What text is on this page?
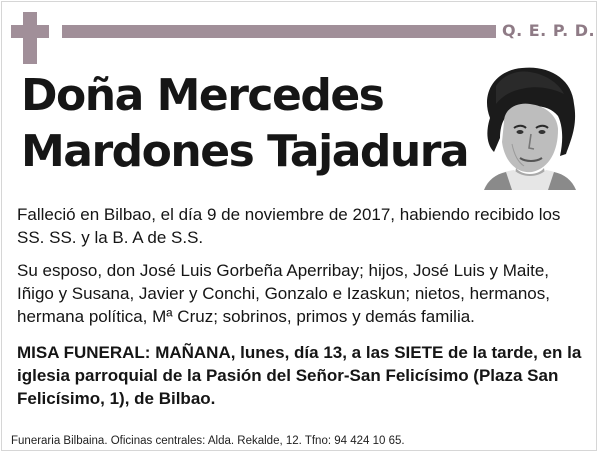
Q. E. P. D.
Doña Mercedes
Mardones Tajadura
Falleció en Bilbao, el día 9 de noviembre de 2017, habiendo recibido los SS. SS. y la B. A de S.S.
Su esposo, don José Luis Gorbeña Aperribay; hijos, José Luis y Maite, Iñigo y Susana, Javier y Conchi, Gonzalo e Izaskun; nietos, hermanos, hermana política, Mª Cruz; sobrinos, primos y demás familia.
MISA FUNERAL: MAÑANA, lunes, día 13, a las SIETE de la tarde, en la iglesia parroquial de la Pasión del Señor-San Felicísimo (Plaza San Felicísimo, 1), de Bilbao.
Funeraria Bilbaina. Oficinas centrales: Alda. Rekalde, 12. Tfno: 94 424 10 65.
